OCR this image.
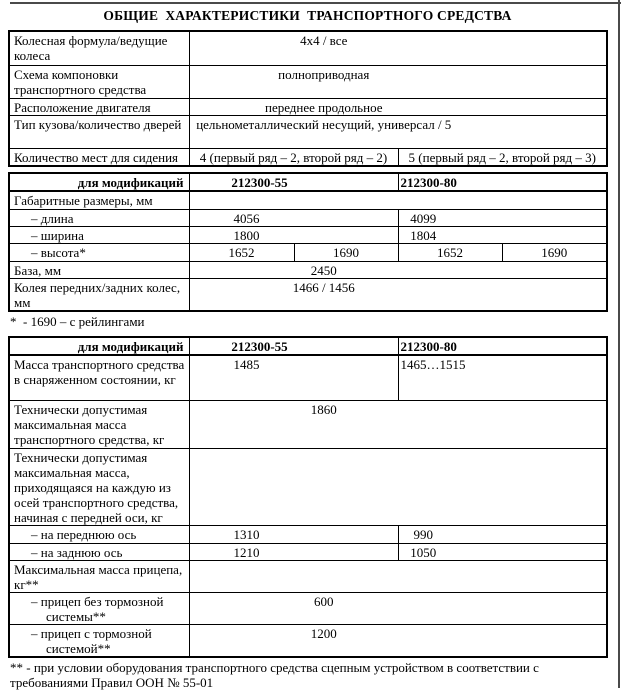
ОБЩИЕ  ХАРАКТЕРИСТИКИ  ТРАНСПОРТНОГО СРЕДСТВА
Колесная формула/ведущие колеса	4х4 / все	
Схема компоновки транспортного средства	полноприводная	
Расположение двигателя	переднее продольное	
Тип кузова/количество дверей	цельнометаллический несущий, универсал / 5	
Количество мест для сидения	4 (первый ряд – 2, второй ряд – 2)	5 (первый ряд – 2, второй ряд – 3)
для модификаций	212300-55		212300-80	
Габаритные размеры, мм				
– длина	4056		4099	
– ширина	1800		1804	
– высота*	1652	1690	1652	1690
База, мм	2450			
Колея передних/задних колес, мм	1466 / 1456			
*  - 1690 – с рейлингами
для модификаций	212300-55	212300-80
Масса транспортного средства в снаряженном состоянии, кг	1485	1465…1515
Технически допустимая максимальная масса транспортного средства, кг	1860	
Технически допустимая максимальная масса, приходящаяся на каждую из осей транспортного средства, начиная с передней оси, кг		
– на переднюю ось	1310	990
– на заднюю ось	1210	1050
Максимальная масса прицепа, кг**		
– прицеп без тормозной системы**	600	
– прицеп с тормозной системой**	1200	
** - при условии оборудования транспортного средства сцепным устройством в соответствии с требованиями Правил ООН № 55-01
